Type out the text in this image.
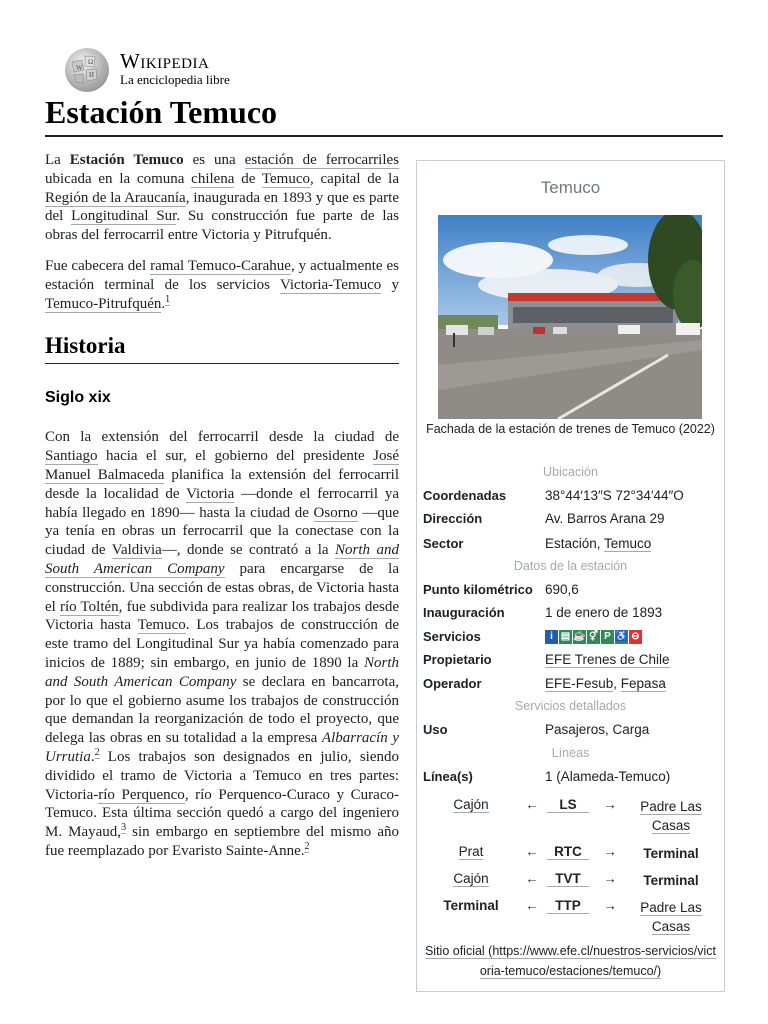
W
Ω
И
Wikipedia
La enciclopedia libre
Estación Temuco

La Estación Temuco es una estación de ferrocarriles ubicada en la comuna chilena de Temuco, capital de la Región de la Araucanía, inaugurada en 1893 y que es parte del Longitudinal Sur. Su construcción fue parte de las obras del ferrocarril entre Victoria y Pitrufquén.

Fue cabecera del ramal Temuco-Carahue, y actualmente es estación terminal de los servicios Victoria-Temuco y Temuco-Pitrufquén.$^1$

Historia
Siglo xix

Con la extensión del ferrocarril desde la ciudad de Santiago hacia el sur, el gobierno del presidente José Manuel Balmaceda planifica la extensión del ferrocarril desde la localidad de Victoria —donde el ferrocarril ya había llegado en 1890— hasta la ciudad de Osorno —que ya tenía en obras un ferrocarril que la conectase con la ciudad de Valdivia—, donde se contrató a la North and South American Company para encargarse de la construcción. Una sección de estas obras, de Victoria hasta el río Toltén, fue subdivida para realizar los trabajos desde Victoria hasta Temuco. Los trabajos de construcción de este tramo del Longitudinal Sur ya había comenzado para inicios de 1889; sin embargo, en junio de 1890 la North and South American Company se declara en bancarrota, por lo que el gobierno asume los trabajos de construcción que demandan la reorganización de todo el proyecto, que delega las obras en su totalidad a la empresa Albarracín y Urrutia.$^2$ Los trabajos son designados en julio, siendo dividido el tramo de Victoria a Temuco en tres partes: Victoria-río Perquenco, río Perquenco-Curaco y Curaco-Temuco. Esta última sección quedó a cargo del ingeniero M. Mayaud,$^3$ sin embargo en septiembre del mismo año fue reemplazado por Evaristo Sainte-Anne.$^2$

Temuco
Fachada de la estación de trenes de Temuco (2022)
Ubicación
Coordenadas	38°44′13″S 72°34′44″O
Dirección	Av. Barros Arana 29
Sector	Estación, Temuco
Datos de la estación
Punto kilométrico 690,6
Inauguración	1 de enero de 1893
Servicios	i ▤ ☕ ⚥ P ♿ ⊖
Propietario	EFE Trenes de Chile
Operador	EFE-Fesub, Fepasa
Servicios detallados
Uso	Pasajeros, Carga
Líneas
Línea(s)	1 (Alameda-Temuco)
Cajón	←	LS	→	Padre Las Casas
Prat	←	RTC	→	Terminal
Cajón	←	TVT	→	Terminal
Terminal	←	TTP	→	Padre Las Casas
Sitio oficial (https://www.efe.cl/nuestros-servicios/victoria-temuco/estaciones/temuco/)
